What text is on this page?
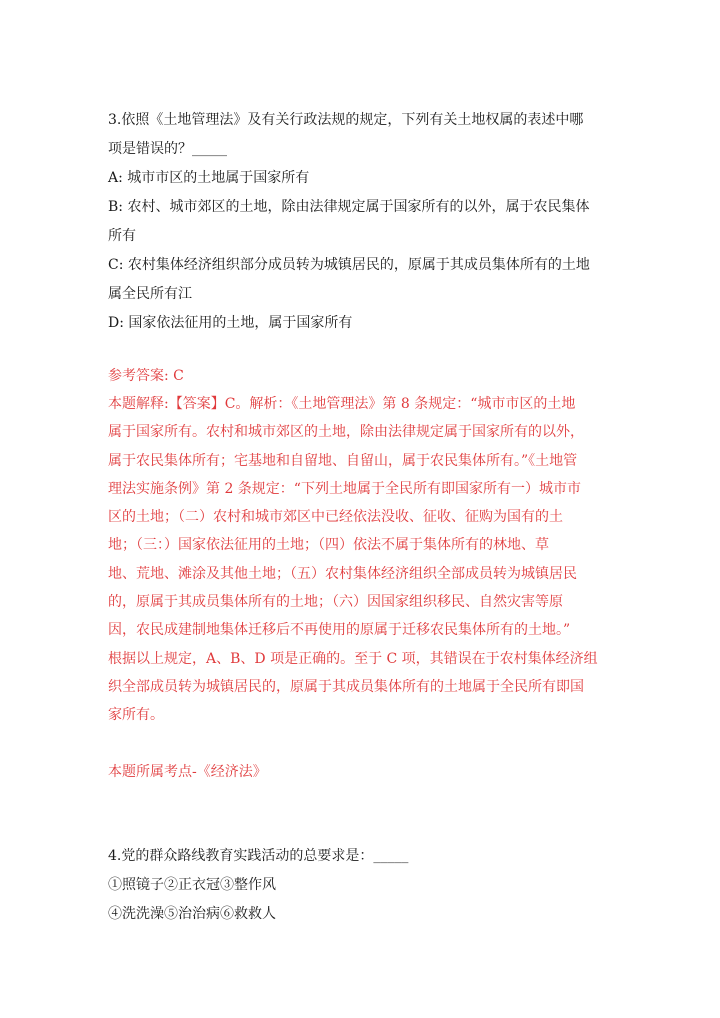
3.依照《土地管理法》及有关行政法规的规定，下列有关土地权属的表述中哪

项是错误的？_____

A: 城市市区的土地属于国家所有

B: 农村、城市郊区的土地，除由法律规定属于国家所有的以外，属于农民集体

所有

C: 农村集体经济组织部分成员转为城镇居民的，原属于其成员集体所有的土地

属全民所有江

D: 国家依法征用的土地，属于国家所有

参考答案: C

本题解释:【答案】C。解析：《土地管理法》第 8 条规定：“城市市区的土地

属于国家所有。农村和城市郊区的土地，除由法律规定属于国家所有的以外，

属于农民集体所有；宅基地和自留地、自留山，属于农民集体所有。”《土地管

理法实施条例》第 2 条规定：“下列土地属于全民所有即国家所有一）城市市

区的土地；（二）农村和城市郊区中已经依法没收、征收、征购为国有的土

地；（三：）国家依法征用的土地；（四）依法不属于集体所有的林地、草

地、荒地、滩涂及其他土地；（五）农村集体经济组织全部成员转为城镇居民

的，原属于其成员集体所有的土地；（六）因国家组织移民、自然灾害等原

因，农民成建制地集体迁移后不再使用的原属于迁移农民集体所有的土地。”

根据以上规定，A、B、D 项是正确的。至于 C 项，其错误在于农村集体经济组

织全部成员转为城镇居民的，原属于其成员集体所有的土地属于全民所有即国

家所有。

本题所属考点-《经济法》

4.党的群众路线教育实践活动的总要求是：_____

①照镜子②正衣冠③整作风

④洗洗澡⑤治治病⑥救救人
